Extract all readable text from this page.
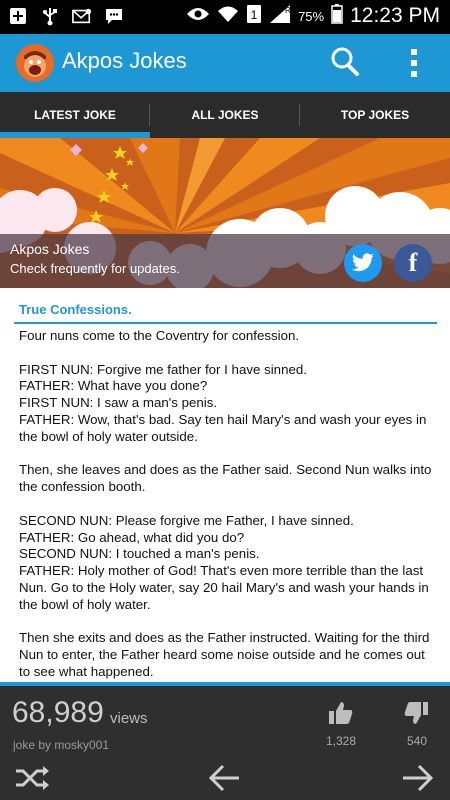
1	R 75% 12:23 PM
Akpos Jokes
LATEST JOKE	ALL JOKES	TOP JOKES
Akpos Jokes
Check frequently for updates.	f
True Confessions.
Four nuns come to the Coventry for confession.

FIRST NUN: Forgive me father for I have sinned.
FATHER: What have you done?
FIRST NUN: I saw a man's penis.
FATHER: Wow, that's bad. Say ten hail Mary's and wash your eyes in the bowl of holy water outside.

Then, she leaves and does as the Father said. Second Nun walks into the confession booth.

SECOND NUN: Please forgive me Father, I have sinned.
FATHER: Go ahead, what did you do?
SECOND NUN: I touched a man's penis.
FATHER: Holy mother of God! That's even more terrible than the last Nun. Go to the Holy water, say 20 hail Mary's and wash your hands in the bowl of holy water.

Then she exits and does as the Father instructed. Waiting for the third Nun to enter, the Father heard some noise outside and he comes out to see what happened.

68,989 views
joke by mosky001	1,328	540
